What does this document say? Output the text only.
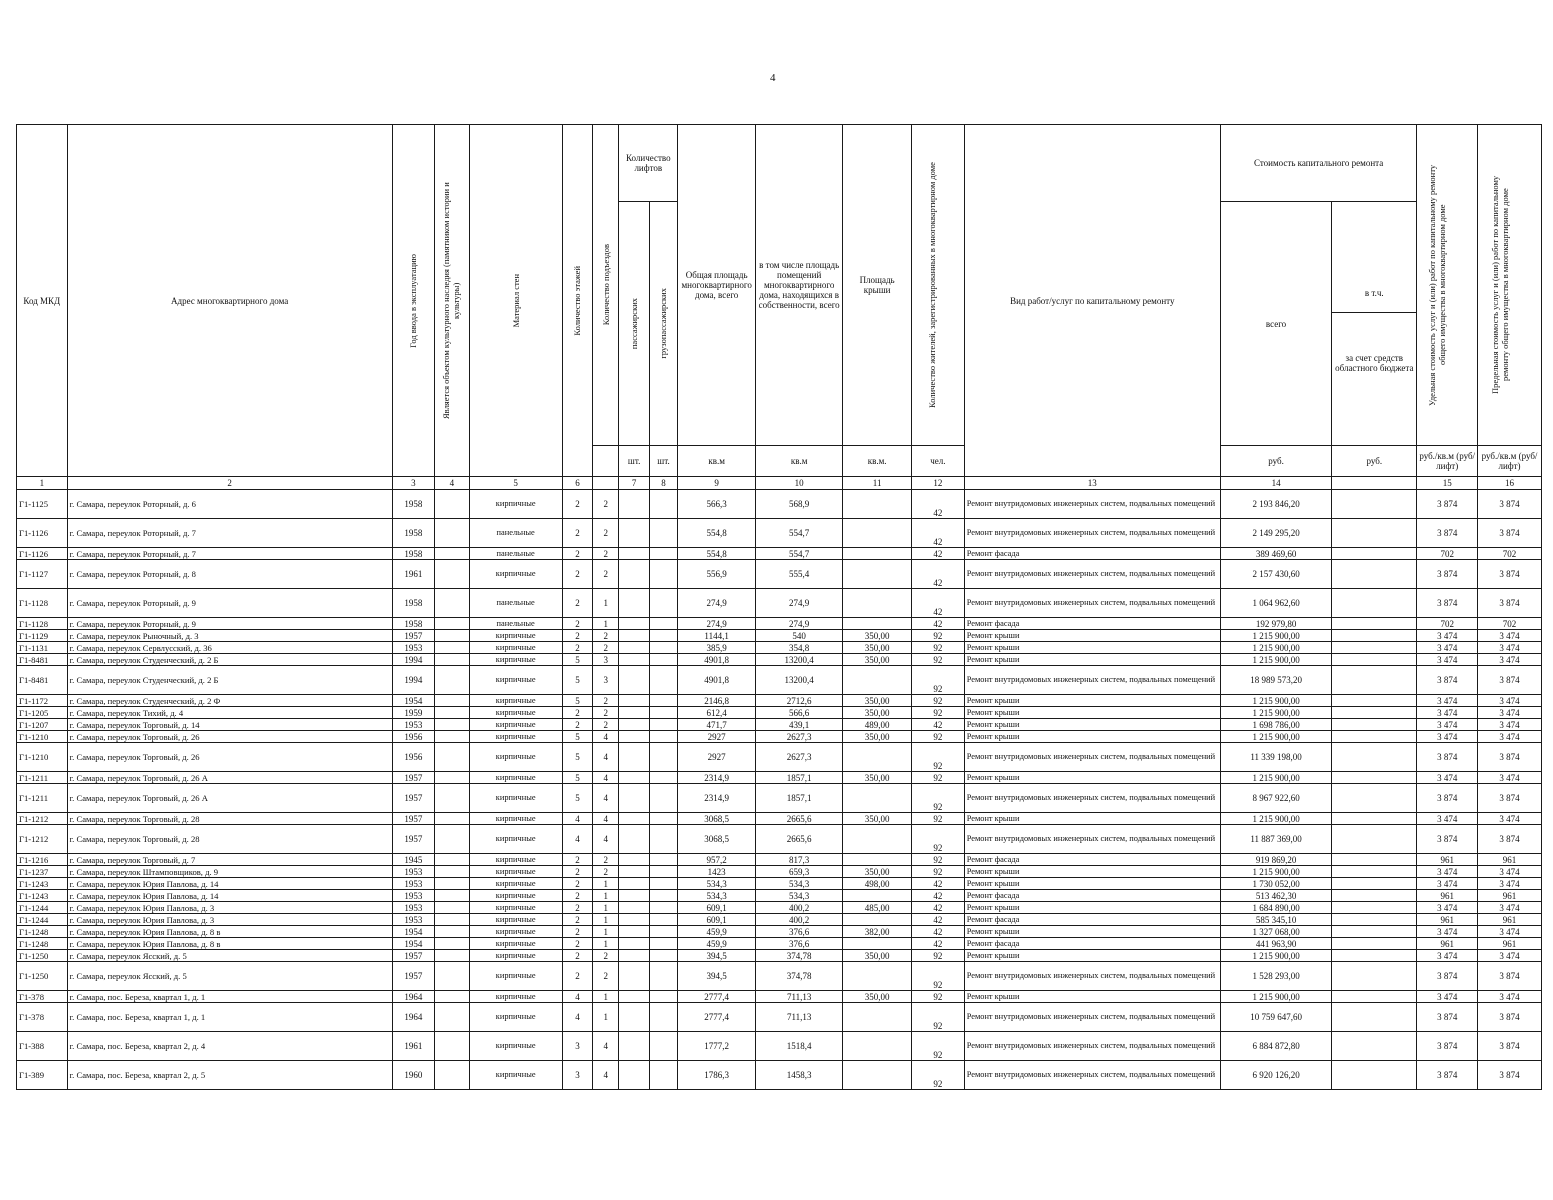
4
Код МКД	Адрес многоквартирного дома	Год ввода в эксплуатацию	Является объектом культурного наследия (памятником истории и культуры)	Материал стен	Количество этажей	Количество подъездов	Количество лифтов		Общая площадь многоквартирного дома, всего	в том числе площадь помещений многоквартирного дома, находящихся в собственности, всего	Площадь крыши	Количество жителей, зарегистрированных в многоквартирном доме	Вид работ/услуг по капитальному ремонту	Стоимость капитального ремонта		Удельная стоимость услуг и (или) работ по капитальному ремонту общего имущества в многоквартирном доме	Предельная стоимость услуг и (или) работ по капитальному ремонту общего имущества в многоквартирном доме

							пассажирских	грузопассажирских						всего	в т.ч.
за счет средств областного бюджета		

							шт.	шт.	кв.м	кв.м	кв.м.	чел.		руб.	руб.	руб./кв.м (руб/лифт)	руб./кв.м (руб/лифт)
1	2	3	4	5	6		7	8	9	10	11	12	13	14		15	16
Г1-1125	г. Самара, переулок Роторный, д. 6	1958		кирпичные	2	2			566,3	568,9		42	Ремонт внутридомовых инженерных систем, подвальных помещений	2 193 846,20		3 874	3 874
Г1-1126	г. Самара, переулок Роторный, д. 7	1958		панельные	2	2			554,8	554,7		42	Ремонт внутридомовых инженерных систем, подвальных помещений	2 149 295,20		3 874	3 874
Г1-1126	г. Самара, переулок Роторный, д. 7	1958		панельные	2	2			554,8	554,7		42	Ремонт фасада	389 469,60		702	702
Г1-1127	г. Самара, переулок Роторный, д. 8	1961		кирпичные	2	2			556,9	555,4		42	Ремонт внутридомовых инженерных систем, подвальных помещений	2 157 430,60		3 874	3 874
Г1-1128	г. Самара, переулок Роторный, д. 9	1958		панельные	2	1			274,9	274,9		42	Ремонт внутридомовых инженерных систем, подвальных помещений	1 064 962,60		3 874	3 874
Г1-1128	г. Самара, переулок Роторный, д. 9	1958		панельные	2	1			274,9	274,9		42	Ремонт фасада	192 979,80		702	702
Г1-1129	г. Самара, переулок Рыночный, д. 3	1957		кирпичные	2	2			1144,1	540	350,00	92	Ремонт крыши	1 215 900,00		3 474	3 474
Г1-1131	г. Самара, переулок Сервлусский, д. 36	1953		кирпичные	2	2			385,9	354,8	350,00	92	Ремонт крыши	1 215 900,00		3 474	3 474
Г1-8481	г. Самара, переулок Студенческий, д. 2 Б	1994		кирпичные	5	3			4901,8	13200,4	350,00	92	Ремонт крыши	1 215 900,00		3 474	3 474
Г1-8481	г. Самара, переулок Студенческий, д. 2 Б	1994		кирпичные	5	3			4901,8	13200,4		92	Ремонт внутридомовых инженерных систем, подвальных помещений	18 989 573,20		3 874	3 874
Г1-1172	г. Самара, переулок Студенческий, д. 2 Ф	1954		кирпичные	5	2			2146,8	2712,6	350,00	92	Ремонт крыши	1 215 900,00		3 474	3 474
Г1-1205	г. Самара, переулок Тихий, д. 4	1959		кирпичные	2	2			612,4	566,6	350,00	92	Ремонт крыши	1 215 900,00		3 474	3 474
Г1-1207	г. Самара, переулок Торговый, д. 14	1953		кирпичные	2	2			471,7	439,1	489,00	42	Ремонт крыши	1 698 786,00		3 474	3 474
Г1-1210	г. Самара, переулок Торговый, д. 26	1956		кирпичные	5	4			2927	2627,3	350,00	92	Ремонт крыши	1 215 900,00		3 474	3 474
Г1-1210	г. Самара, переулок Торговый, д. 26	1956		кирпичные	5	4			2927	2627,3		92	Ремонт внутридомовых инженерных систем, подвальных помещений	11 339 198,00		3 874	3 874
Г1-1211	г. Самара, переулок Торговый, д. 26 А	1957		кирпичные	5	4			2314,9	1857,1	350,00	92	Ремонт крыши	1 215 900,00		3 474	3 474
Г1-1211	г. Самара, переулок Торговый, д. 26 А	1957		кирпичные	5	4			2314,9	1857,1		92	Ремонт внутридомовых инженерных систем, подвальных помещений	8 967 922,60		3 874	3 874
Г1-1212	г. Самара, переулок Торговый, д. 28	1957		кирпичные	4	4			3068,5	2665,6	350,00	92	Ремонт крыши	1 215 900,00		3 474	3 474
Г1-1212	г. Самара, переулок Торговый, д. 28	1957		кирпичные	4	4			3068,5	2665,6		92	Ремонт внутридомовых инженерных систем, подвальных помещений	11 887 369,00		3 874	3 874
Г1-1216	г. Самара, переулок Торговый, д. 7	1945		кирпичные	2	2			957,2	817,3		92	Ремонт фасада	919 869,20		961	961
Г1-1237	г. Самара, переулок Штамповщиков, д. 9	1953		кирпичные	2	2			1423	659,3	350,00	92	Ремонт крыши	1 215 900,00		3 474	3 474
Г1-1243	г. Самара, переулок Юрия Павлова, д. 14	1953		кирпичные	2	1			534,3	534,3	498,00	42	Ремонт крыши	1 730 052,00		3 474	3 474
Г1-1243	г. Самара, переулок Юрия Павлова, д. 14	1953		кирпичные	2	1			534,3	534,3		42	Ремонт фасада	513 462,30		961	961
Г1-1244	г. Самара, переулок Юрия Павлова, д. 3	1953		кирпичные	2	1			609,1	400,2	485,00	42	Ремонт крыши	1 684 890,00		3 474	3 474
Г1-1244	г. Самара, переулок Юрия Павлова, д. 3	1953		кирпичные	2	1			609,1	400,2		42	Ремонт фасада	585 345,10		961	961
Г1-1248	г. Самара, переулок Юрия Павлова, д. 8 в	1954		кирпичные	2	1			459,9	376,6	382,00	42	Ремонт крыши	1 327 068,00		3 474	3 474
Г1-1248	г. Самара, переулок Юрия Павлова, д. 8 в	1954		кирпичные	2	1			459,9	376,6		42	Ремонт фасада	441 963,90		961	961
Г1-1250	г. Самара, переулок Ясский, д. 5	1957		кирпичные	2	2			394,5	374,78	350,00	92	Ремонт крыши	1 215 900,00		3 474	3 474
Г1-1250	г. Самара, переулок Ясский, д. 5	1957		кирпичные	2	2			394,5	374,78		92	Ремонт внутридомовых инженерных систем, подвальных помещений	1 528 293,00		3 874	3 874
Г1-378	г. Самара, пос. Береза, квартал 1, д. 1	1964		кирпичные	4	1			2777,4	711,13	350,00	92	Ремонт крыши	1 215 900,00		3 474	3 474
Г1-378	г. Самара, пос. Береза, квартал 1, д. 1	1964		кирпичные	4	1			2777,4	711,13		92	Ремонт внутридомовых инженерных систем, подвальных помещений	10 759 647,60		3 874	3 874
Г1-388	г. Самара, пос. Береза, квартал 2, д. 4	1961		кирпичные	3	4			1777,2	1518,4		92	Ремонт внутридомовых инженерных систем, подвальных помещений	6 884 872,80		3 874	3 874
Г1-389	г. Самара, пос. Береза, квартал 2, д. 5	1960		кирпичные	3	4			1786,3	1458,3		92	Ремонт внутридомовых инженерных систем, подвальных помещений	6 920 126,20		3 874	3 874
